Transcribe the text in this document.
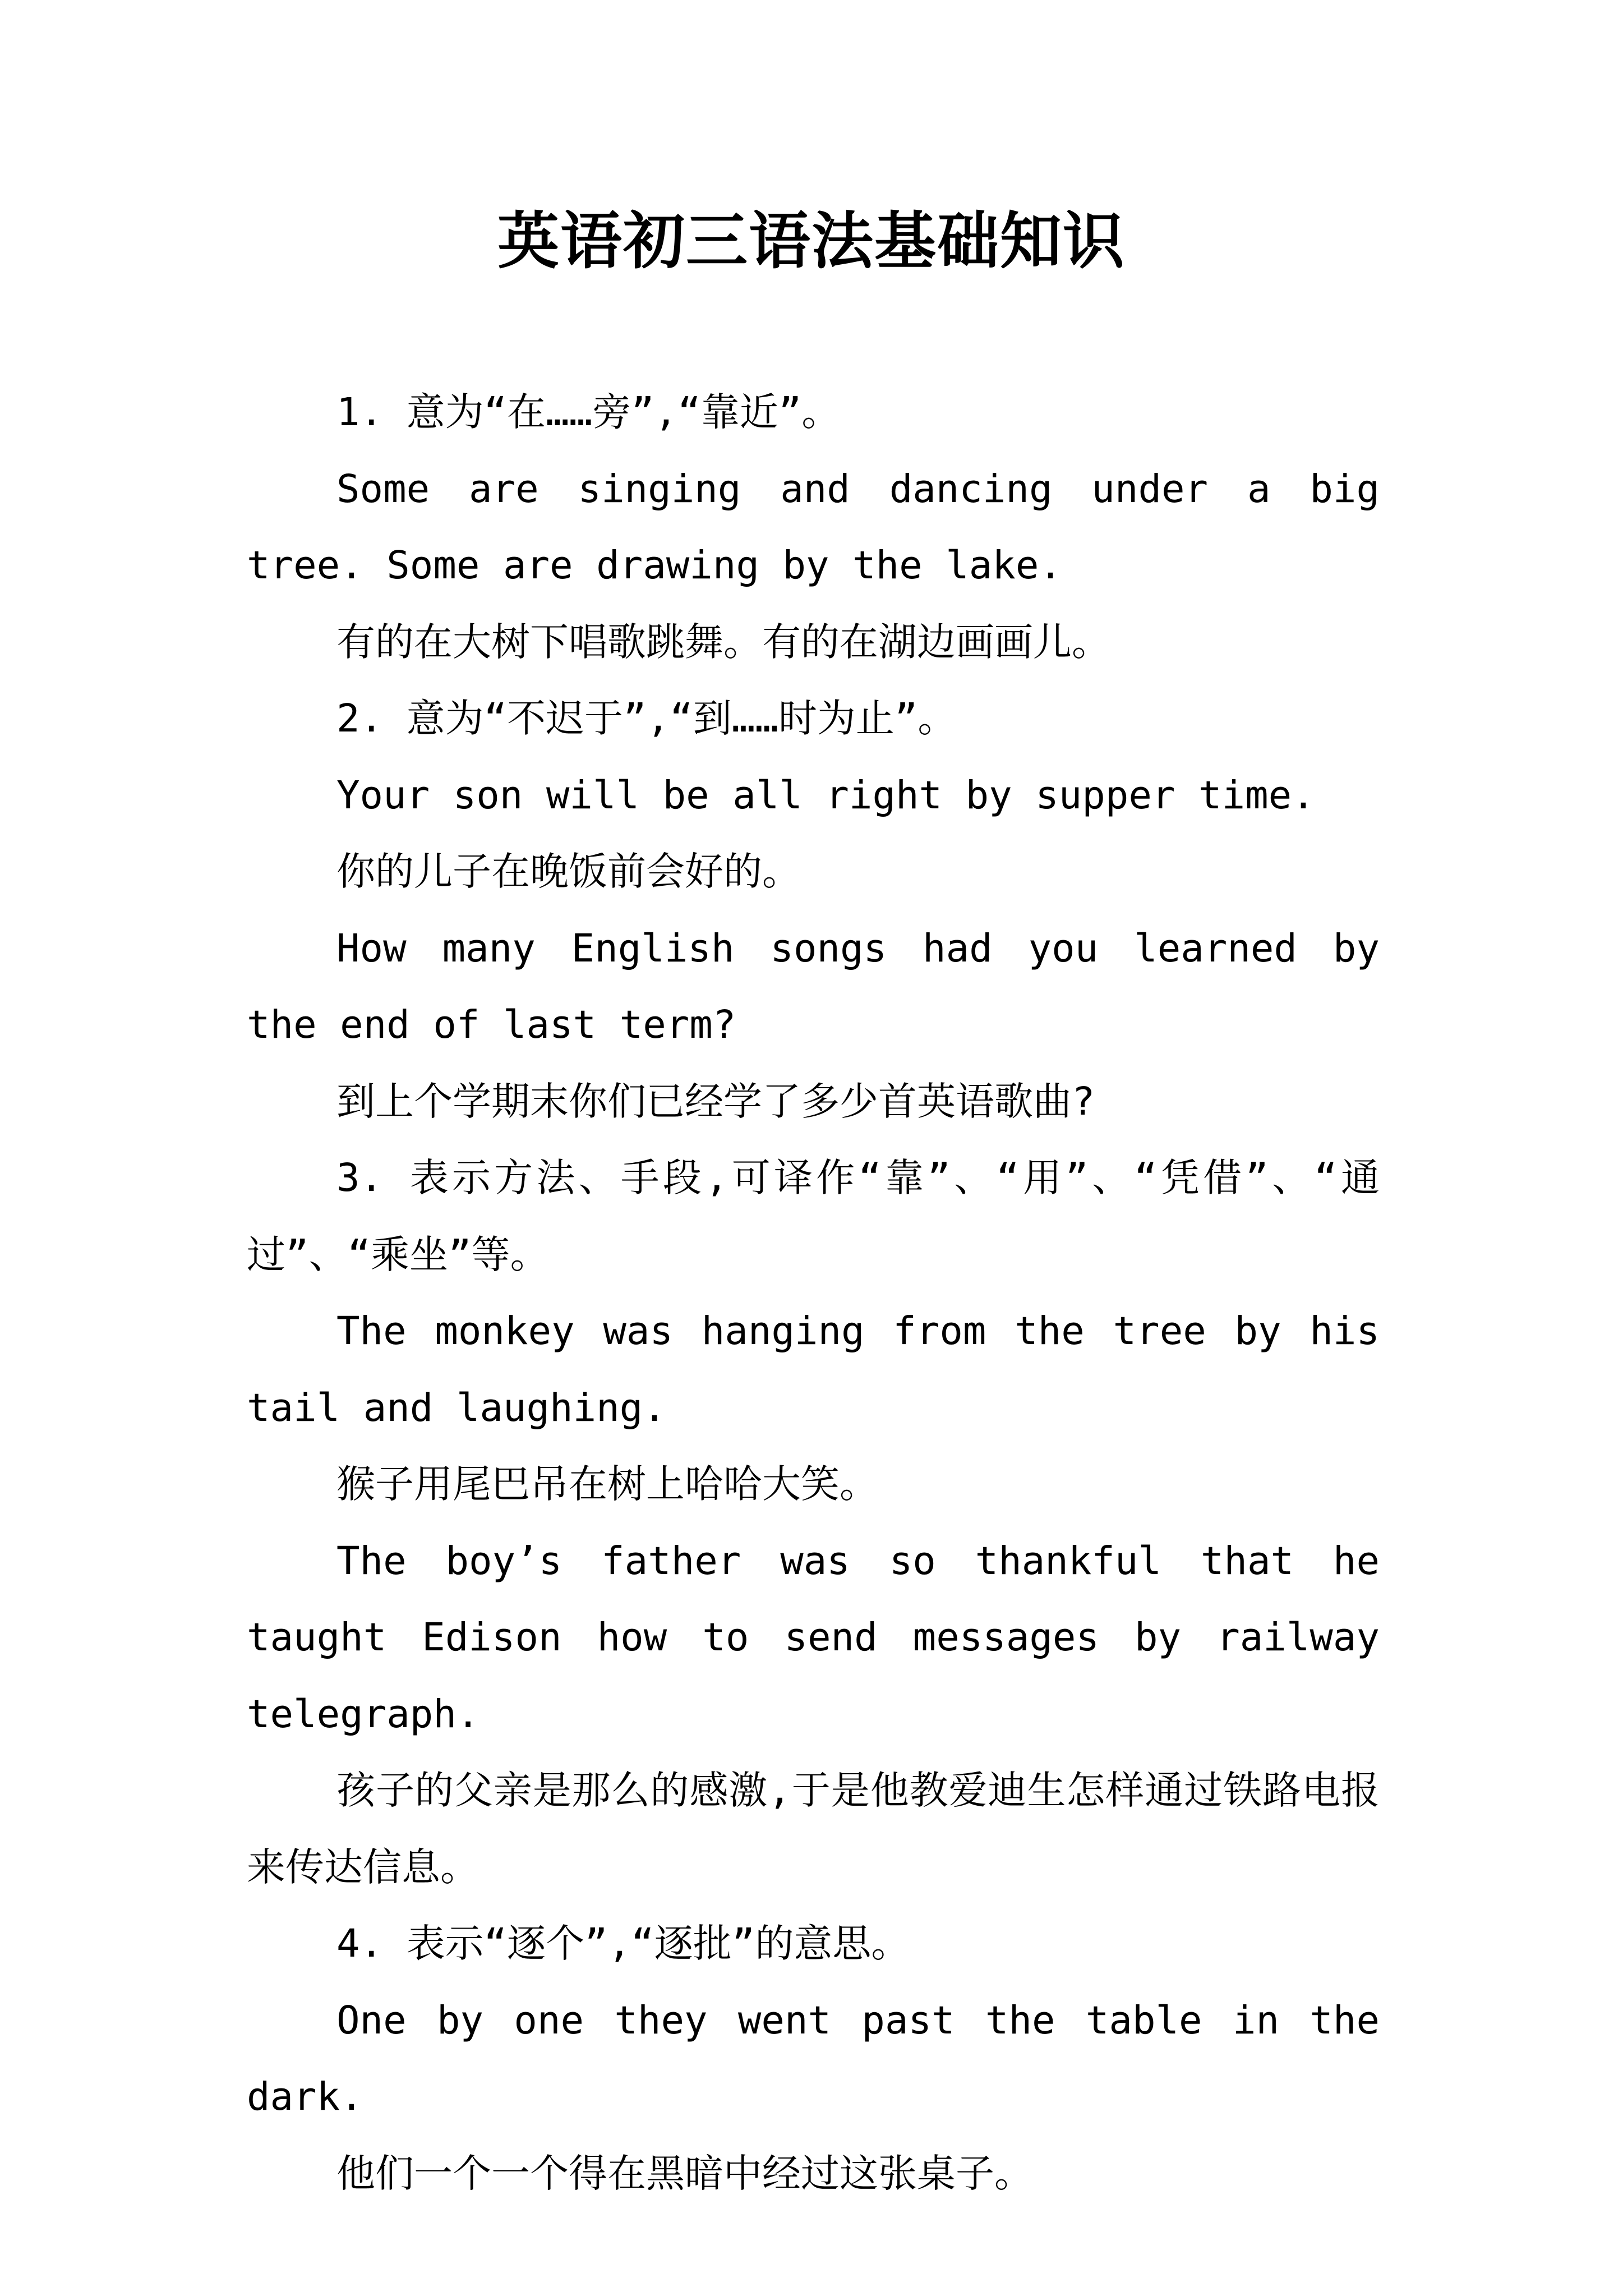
英语初三语法基础知识

1. 意为“在……旁”,“靠近”。

Some are singing and dancing under a big tree. Some are drawing by the lake.

有的在大树下唱歌跳舞。有的在湖边画画儿。

2. 意为“不迟于”,“到……时为止”。

Your son will be all right by supper time.

你的儿子在晚饭前会好的。

How many English songs had you learned by the end of last term?

到上个学期末你们已经学了多少首英语歌曲?

3. 表示方法、手段,可译作“靠”、“用”、“凭借”、“通过”、“乘坐”等。

The monkey was hanging from the tree by his tail and laughing.

猴子用尾巴吊在树上哈哈大笑。

The boy’s father was so thankful that he taught Edison how to send messages by railway telegraph.

孩子的父亲是那么的感激,于是他教爱迪生怎样通过铁路电报来传达信息。

4. 表示“逐个”,“逐批”的意思。

One by one they went past the table in the dark.

他们一个一个得在黑暗中经过这张桌子。
